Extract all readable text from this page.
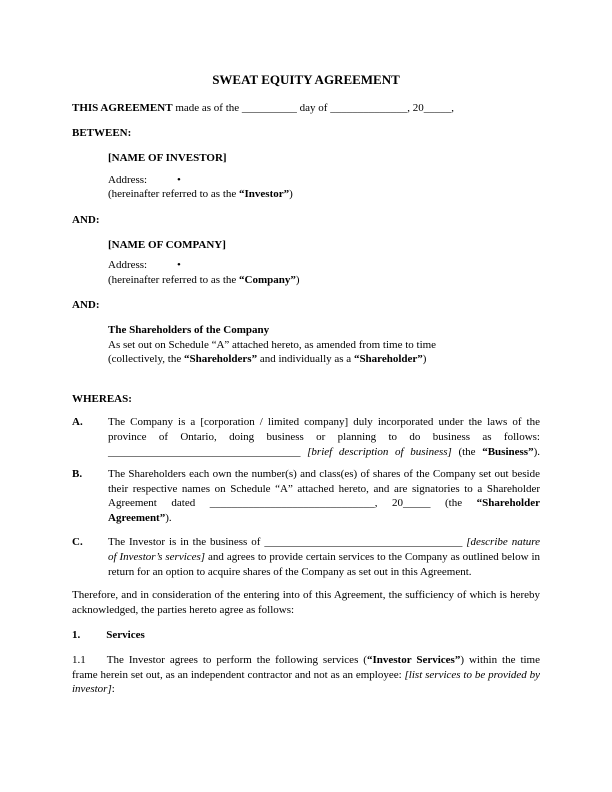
SWEAT EQUITY AGREEMENT

THIS AGREEMENT made as of the __________ day of ______________, 20_____,

BETWEEN:

[NAME OF INVESTOR]

Address:	•

(hereinafter referred to as the “Investor”)

AND:

[NAME OF COMPANY]

Address:	•

(hereinafter referred to as the “Company”)

AND:

The Shareholders of the Company

As set out on Schedule “A” attached hereto, as amended from time to time

(collectively, the “Shareholders” and individually as a “Shareholder”)

WHEREAS:

A. The Company is a [corporation / limited company] duly incorporated under the laws of the province of Ontario, doing business or planning to do business as follows: ___________________________________ [brief description of business] (the “Business”).
B. The Shareholders each own the number(s) and class(es) of shares of the Company set out beside their respective names on Schedule “A” attached hereto, and are signatories to a Shareholder Agreement dated ______________________________, 20_____ (the “Shareholder Agreement”).
C. The Investor is in the business of ____________________________________ [describe nature of Investor’s services] and agrees to provide certain services to the Company as outlined below in return for an option to acquire shares of the Company as set out in this Agreement.

Therefore, and in consideration of the entering into of this Agreement, the sufficiency of which is hereby acknowledged, the parties hereto agree as follows:

1. Services

1.1 The Investor agrees to perform the following services (“Investor Services”) within the time frame herein set out, as an independent contractor and not as an employee: [list services to be provided by investor]:
